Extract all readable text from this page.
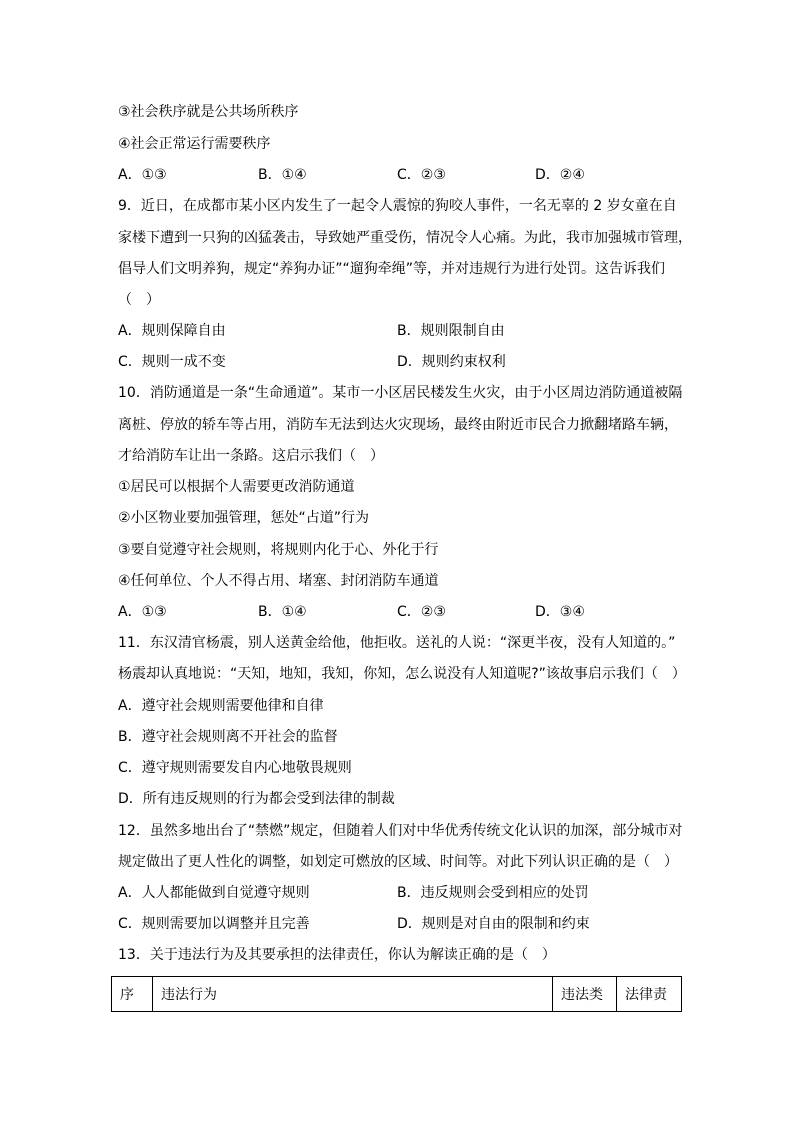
③社会秩序就是公共场所秩序
④社会正常运行需要秩序
A．①③	B．①④	C．②③	D．②④
9．近日，在成都市某小区内发生了一起令人震惊的狗咬人事件，一名无辜的 2 岁女童在自
家楼下遭到一只狗的凶猛袭击，导致她严重受伤，情况令人心痛。为此，我市加强城市管理，
倡导人们文明养狗，规定“养狗办证”“遛狗牵绳”等，并对违规行为进行处罚。这告诉我们
（　）
A．规则保障自由	B．规则限制自由
C．规则一成不变	D．规则约束权利
10．消防通道是一条“生命通道”。某市一小区居民楼发生火灾，由于小区周边消防通道被隔
离桩、停放的轿车等占用，消防车无法到达火灾现场，最终由附近市民合力掀翻堵路车辆，
才给消防车让出一条路。这启示我们（　）
①居民可以根据个人需要更改消防通道
②小区物业要加强管理，惩处“占道”行为
③要自觉遵守社会规则，将规则内化于心、外化于行
④任何单位、个人不得占用、堵塞、封闭消防车通道
A．①③	B．①④	C．②③	D．③④
11．东汉清官杨震，别人送黄金给他，他拒收。送礼的人说：“深更半夜，没有人知道的。”
杨震却认真地说：“天知，地知，我知，你知，怎么说没有人知道呢?”该故事启示我们（　）
A．遵守社会规则需要他律和自律
B．遵守社会规则离不开社会的监督
C．遵守规则需要发自内心地敬畏规则
D．所有违反规则的行为都会受到法律的制裁
12．虽然多地出台了“禁燃”规定，但随着人们对中华优秀传统文化认识的加深，部分城市对
规定做出了更人性化的调整，如划定可燃放的区域、时间等。对此下列认识正确的是（　）
A．人人都能做到自觉遵守规则	B．违反规则会受到相应的处罚
C．规则需要加以调整并且完善	D．规则是对自由的限制和约束
13．关于违法行为及其要承担的法律责任，你认为解读正确的是（　）
序	违法行为	违法类	法律责
